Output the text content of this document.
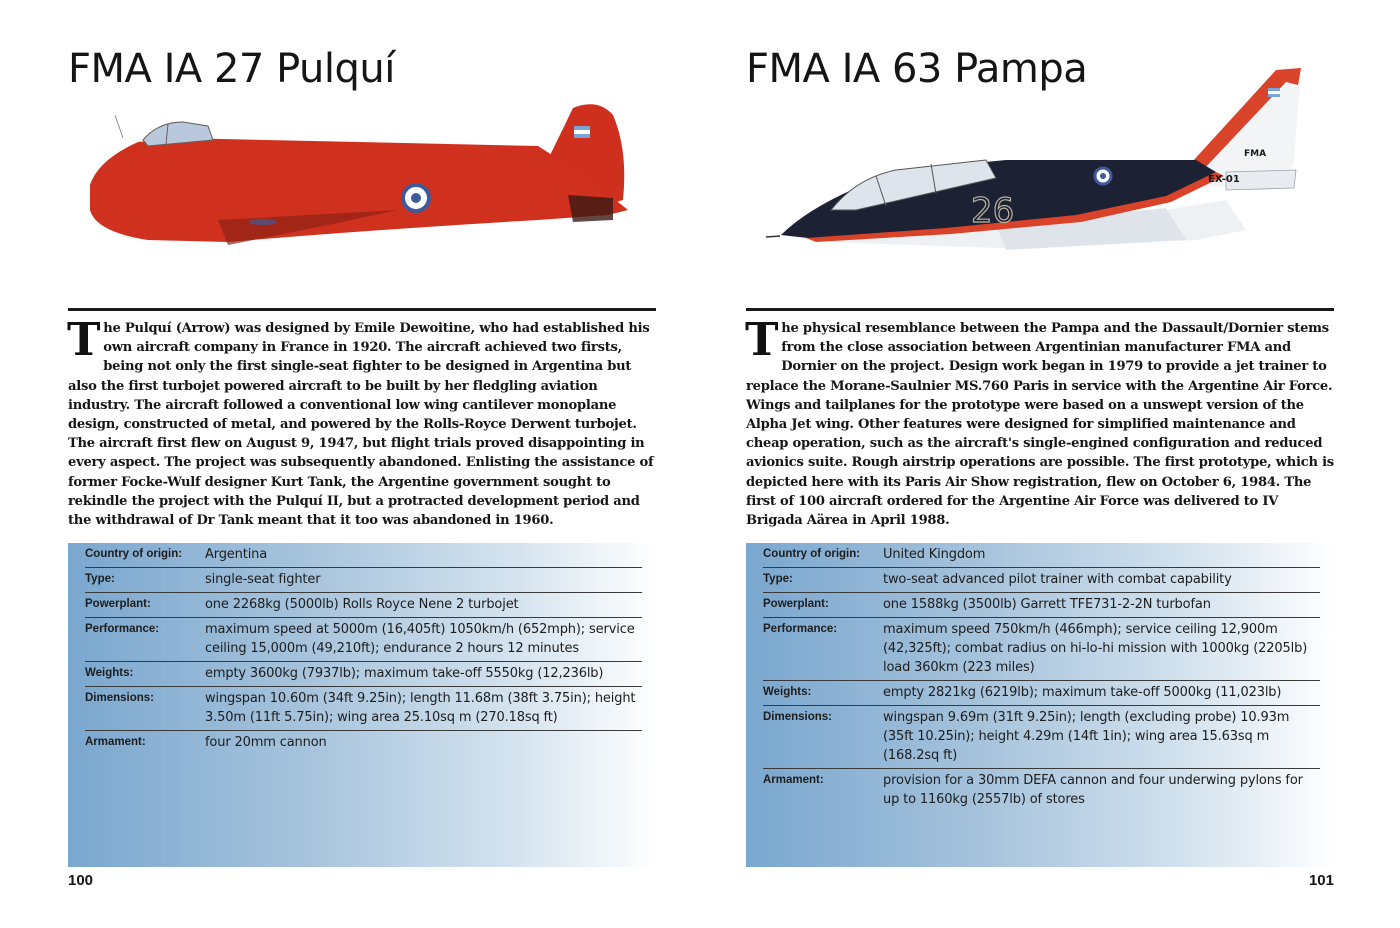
FMA IA 27 Pulquí
The Pulquí (Arrow) was designed by Emile Dewoitine, who had established his own aircraft company in France in 1920. The aircraft achieved two firsts, being not only the first single-seat fighter to be designed in Argentina but also the first turbojet powered aircraft to be built by her fledgling aviation industry. The aircraft followed a conventional low wing cantilever monoplane design, constructed of metal, and powered by the Rolls-Royce Derwent turbojet. The aircraft first flew on August 9, 1947, but flight trials proved disappointing in every aspect. The project was subsequently abandoned. Enlisting the assistance of former Focke-Wulf designer Kurt Tank, the Argentine government sought to rekindle the project with the Pulquí II, but a protracted development period and the withdrawal of Dr Tank meant that it too was abandoned in 1960.
Country of origin:	Argentina
Type:	single-seat fighter
Powerplant:	one 2268kg (5000lb) Rolls Royce Nene 2 turbojet
Performance:	maximum speed at 5000m (16,405ft) 1050km/h (652mph); service ceiling 15,000m (49,210ft); endurance 2 hours 12 minutes
Weights:	empty 3600kg (7937lb); maximum take-off 5550kg (12,236lb)
Dimensions:	wingspan 10.60m (34ft 9.25in); length 11.68m (38ft 3.75in); height 3.50m (11ft 5.75in); wing area 25.10sq m (270.18sq ft)
Armament:	four 20mm cannon
100
FMA IA 63 Pampa
26
EX-01
FMA
The physical resemblance between the Pampa and the Dassault/Dornier stems from the close association between Argentinian manufacturer FMA and Dornier on the project. Design work began in 1979 to provide a jet trainer to replace the Morane-Saulnier MS.760 Paris in service with the Argentine Air Force. Wings and tailplanes for the prototype were based on a unswept version of the Alpha Jet wing. Other features were designed for simplified maintenance and cheap operation, such as the aircraft's single-engined configuration and reduced avionics suite. Rough airstrip operations are possible. The first prototype, which is depicted here with its Paris Air Show registration, flew on October 6, 1984. The first of 100 aircraft ordered for the Argentine Air Force was delivered to IV Brigada Aärea in April 1988.
Country of origin:	United Kingdom
Type:	two-seat advanced pilot trainer with combat capability
Powerplant:	one 1588kg (3500lb) Garrett TFE731-2-2N turbofan
Performance:	maximum speed 750km/h (466mph); service ceiling 12,900m (42,325ft); combat radius on hi-lo-hi mission with 1000kg (2205lb) load 360km (223 miles)
Weights:	empty 2821kg (6219lb); maximum take-off 5000kg (11,023lb)
Dimensions:	wingspan 9.69m (31ft 9.25in); length (excluding probe) 10.93m (35ft 10.25in); height 4.29m (14ft 1in); wing area 15.63sq m (168.2sq ft)
Armament:	provision for a 30mm DEFA cannon and four underwing pylons for up to 1160kg (2557lb) of stores
101
